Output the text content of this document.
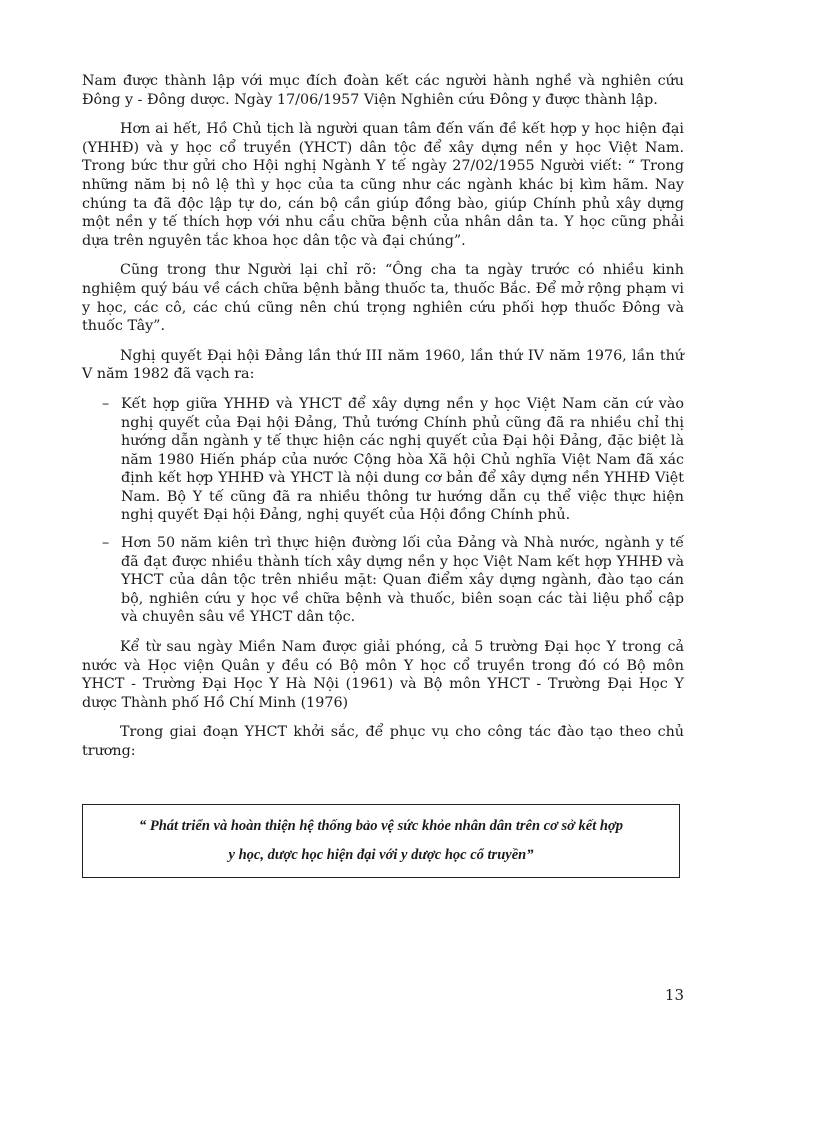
Nam được thành lập với mục đích đoàn kết các người hành nghề và nghiên cứu Đông y - Đông dược. Ngày 17/06/1957 Viện Nghiên cứu Đông y được thành lập.

Hơn ai hết, Hồ Chủ tịch là người quan tâm đến vấn đề kết hợp y học hiện đại (YHHĐ) và y học cổ truyền (YHCT) dân tộc để xây dựng nền y học Việt Nam. Trong bức thư gửi cho Hội nghị Ngành Y tế ngày 27/02/1955 Người viết: “ Trong những năm bị nô lệ thì y học của ta cũng như các ngành khác bị kìm hãm. Nay chúng ta đã độc lập tự do, cán bộ cần giúp đồng bào, giúp Chính phủ xây dựng một nền y tế thích hợp với nhu cầu chữa bệnh của nhân dân ta. Y học cũng phải dựa trên nguyên tắc khoa học dân tộc và đại chúng”.

Cũng trong thư Người lại chỉ rõ: “Ông cha ta ngày trước có nhiều kinh nghiệm quý báu về cách chữa bệnh bằng thuốc ta, thuốc Bắc. Để mở rộng phạm vi y học, các cô, các chú cũng nên chú trọng nghiên cứu phối hợp thuốc Đông và thuốc Tây”.

Nghị quyết Đại hội Đảng lần thứ III năm 1960, lần thứ IV năm 1976, lần thứ V năm 1982 đã vạch ra:

– Kết hợp giữa YHHĐ và YHCT để xây dựng nền y học Việt Nam căn cứ vào nghị quyết của Đại hội Đảng, Thủ tướng Chính phủ cũng đã ra nhiều chỉ thị hướng dẫn ngành y tế thực hiện các nghị quyết của Đại hội Đảng, đặc biệt là năm 1980 Hiến pháp của nước Cộng hòa Xã hội Chủ nghĩa Việt Nam đã xác định kết hợp YHHĐ và YHCT là nội dung cơ bản để xây dựng nền YHHĐ Việt Nam. Bộ Y tế cũng đã ra nhiều thông tư hướng dẫn cụ thể việc thực hiện nghị quyết Đại hội Đảng, nghị quyết của Hội đồng Chính phủ.
– Hơn 50 năm kiên trì thực hiện đường lối của Đảng và Nhà nước, ngành y tế đã đạt được nhiều thành tích xây dựng nền y học Việt Nam kết hợp YHHĐ và YHCT của dân tộc trên nhiều mặt: Quan điểm xây dựng ngành, đào tạo cán bộ, nghiên cứu y học về chữa bệnh và thuốc, biên soạn các tài liệu phổ cập và chuyên sâu về YHCT dân tộc.

Kể từ sau ngày Miền Nam được giải phóng, cả 5 trường Đại học Y trong cả nước và Học viện Quân y đều có Bộ môn Y học cổ truyền trong đó có Bộ môn YHCT - Trường Đại Học Y Hà Nội (1961) và Bộ môn YHCT - Trường Đại Học Y dược Thành phố Hồ Chí Minh (1976)

Trong giai đoạn YHCT khởi sắc, để phục vụ cho công tác đào tạo theo chủ trương:

“ Phát triển và hoàn thiện hệ thống bảo vệ sức khỏe nhân dân trên cơ sở kết hợp
y học, dược học hiện đại với y dược học cổ truyền”
13
